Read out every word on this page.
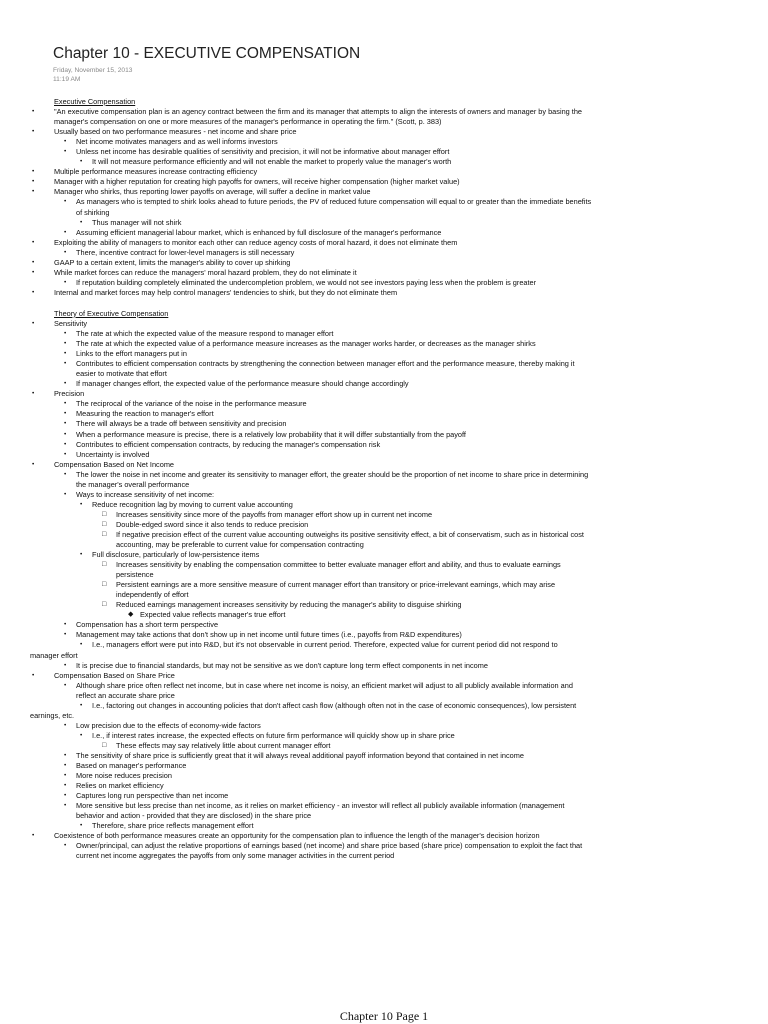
Chapter 10 - EXECUTIVE COMPENSATION
Friday, November 15, 2013
11:19 AM
Executive Compensation
•	"An executive compensation plan is an agency contract between the firm and its manager that attempts to align the interests of owners and manager by basing the
manager's compensation on one or more measures of the manager's performance in operating the firm." (Scott, p. 383)
•	Usually based on two performance measures - net income and share price
• Net income motivates managers and as well informs investors
• Unless net income has desirable qualities of sensitivity and precision, it will not be informative about manager effort
• It will not measure performance efficiently and will not enable the market to properly value the manager's worth
•	Multiple performance measures increase contracting efficiency
•	Manager with a higher reputation for creating high payoffs for owners, will receive higher compensation (higher market value)
•	Manager who shirks, thus reporting lower payoffs on average, will suffer a decline in market value
• As managers who is tempted to shirk looks ahead to future periods, the PV of reduced future compensation will equal to or greater than the immediate benefits
of shirking
• Thus manager will not shirk
• Assuming efficient managerial labour market, which is enhanced by full disclosure of the manager's performance
•	Exploiting the ability of managers to monitor each other can reduce agency costs of moral hazard, it does not eliminate them
• There, incentive contract for lower-level managers is still necessary
•	GAAP to a certain extent, limits the manager's ability to cover up shirking
•	While market forces can reduce the managers' moral hazard problem, they do not eliminate it
• If reputation building completely eliminated the undercompletion problem, we would not see investors paying less when the problem is greater
•	Internal and market forces may help control managers' tendencies to shirk, but they do not eliminate them
Theory of Executive Compensation
•	Sensitivity
• The rate at which the expected value of the measure respond to manager effort
• The rate at which the expected value of a performance measure increases as the manager works harder, or decreases as the manager shirks
• Links to the effort managers put in
• Contributes to efficient compensation contracts by strengthening the connection between manager effort and the performance measure, thereby making it
easier to motivate that effort
• If manager changes effort, the expected value of the performance measure should change accordingly
•	Precision
• The reciprocal of the variance of the noise in the performance measure
• Measuring the reaction to manager's effort
• There will always be a trade off between sensitivity and precision
• When a performance measure is precise, there is a relatively low probability that it will differ substantially from the payoff
• Contributes to efficient compensation contracts, by reducing the manager's compensation risk
• Uncertainty is involved
•	Compensation Based on Net Income
• The lower the noise in net income and greater its sensitivity to manager effort, the greater should be the proportion of net income to share price in determining
the manager's overall performance
• Ways to increase sensitivity of net income:
• Reduce recognition lag by moving to current value accounting
□ Increases sensitivity since more of the payoffs from manager effort show up in current net income
□ Double-edged sword since it also tends to reduce precision
□ If negative precision effect of the current value accounting outweighs its positive sensitivity effect, a bit of conservatism, such as in historical cost
accounting, may be preferable to current value for compensation contracting
• Full disclosure, particularly of low-persistence items
□ Increases sensitivity by enabling the compensation committee to better evaluate manager effort and ability, and thus to evaluate earnings
persistence
□ Persistent earnings are a more sensitive measure of current manager effort than transitory or price-irrelevant earnings, which may arise
independently of effort
□ Reduced earnings management increases sensitivity by reducing the manager's ability to disguise shirking
◆ Expected value reflects manager's true effort
• Compensation has a short term perspective
• Management may take actions that don't show up in net income until future times (i.e., payoffs from R&D expenditures)
• I.e., managers effort were put into R&D, but it's not observable in current period. Therefore, expected value for current period did not respond to
manager effort
• It is precise due to financial standards, but may not be sensitive as we don't capture long term effect components in net income
•	Compensation Based on Share Price
• Although share price often reflect net income, but in case where net income is noisy, an efficient market will adjust to all publicly available information and
reflect an accurate share price
• I.e., factoring out changes in accounting policies that don't affect cash flow (although often not in the case of economic consequences), low persistent
earnings, etc.
• Low precision due to the effects of economy-wide factors
• I.e., if interest rates increase, the expected effects on future firm performance will quickly show up in share price
□ These effects may say relatively little about current manager effort
• The sensitivity of share price is sufficiently great that it will always reveal additional payoff information beyond that contained in net income
• Based on manager's performance
• More noise reduces precision
• Relies on market efficiency
• Captures long run perspective than net income
• More sensitive but less precise than net income, as it relies on market efficiency - an investor will reflect all publicly available information (management
behavior and action - provided that they are disclosed) in the share price
• Therefore, share price reflects management effort
•	Coexistence of both performance measures create an opportunity for the compensation plan to influence the length of the manager's decision horizon
• Owner/principal, can adjust the relative proportions of earnings based (net income) and share price based (share price) compensation to exploit the fact that
current net income aggregates the payoffs from only some manager activities in the current period
Chapter 10 Page 1
